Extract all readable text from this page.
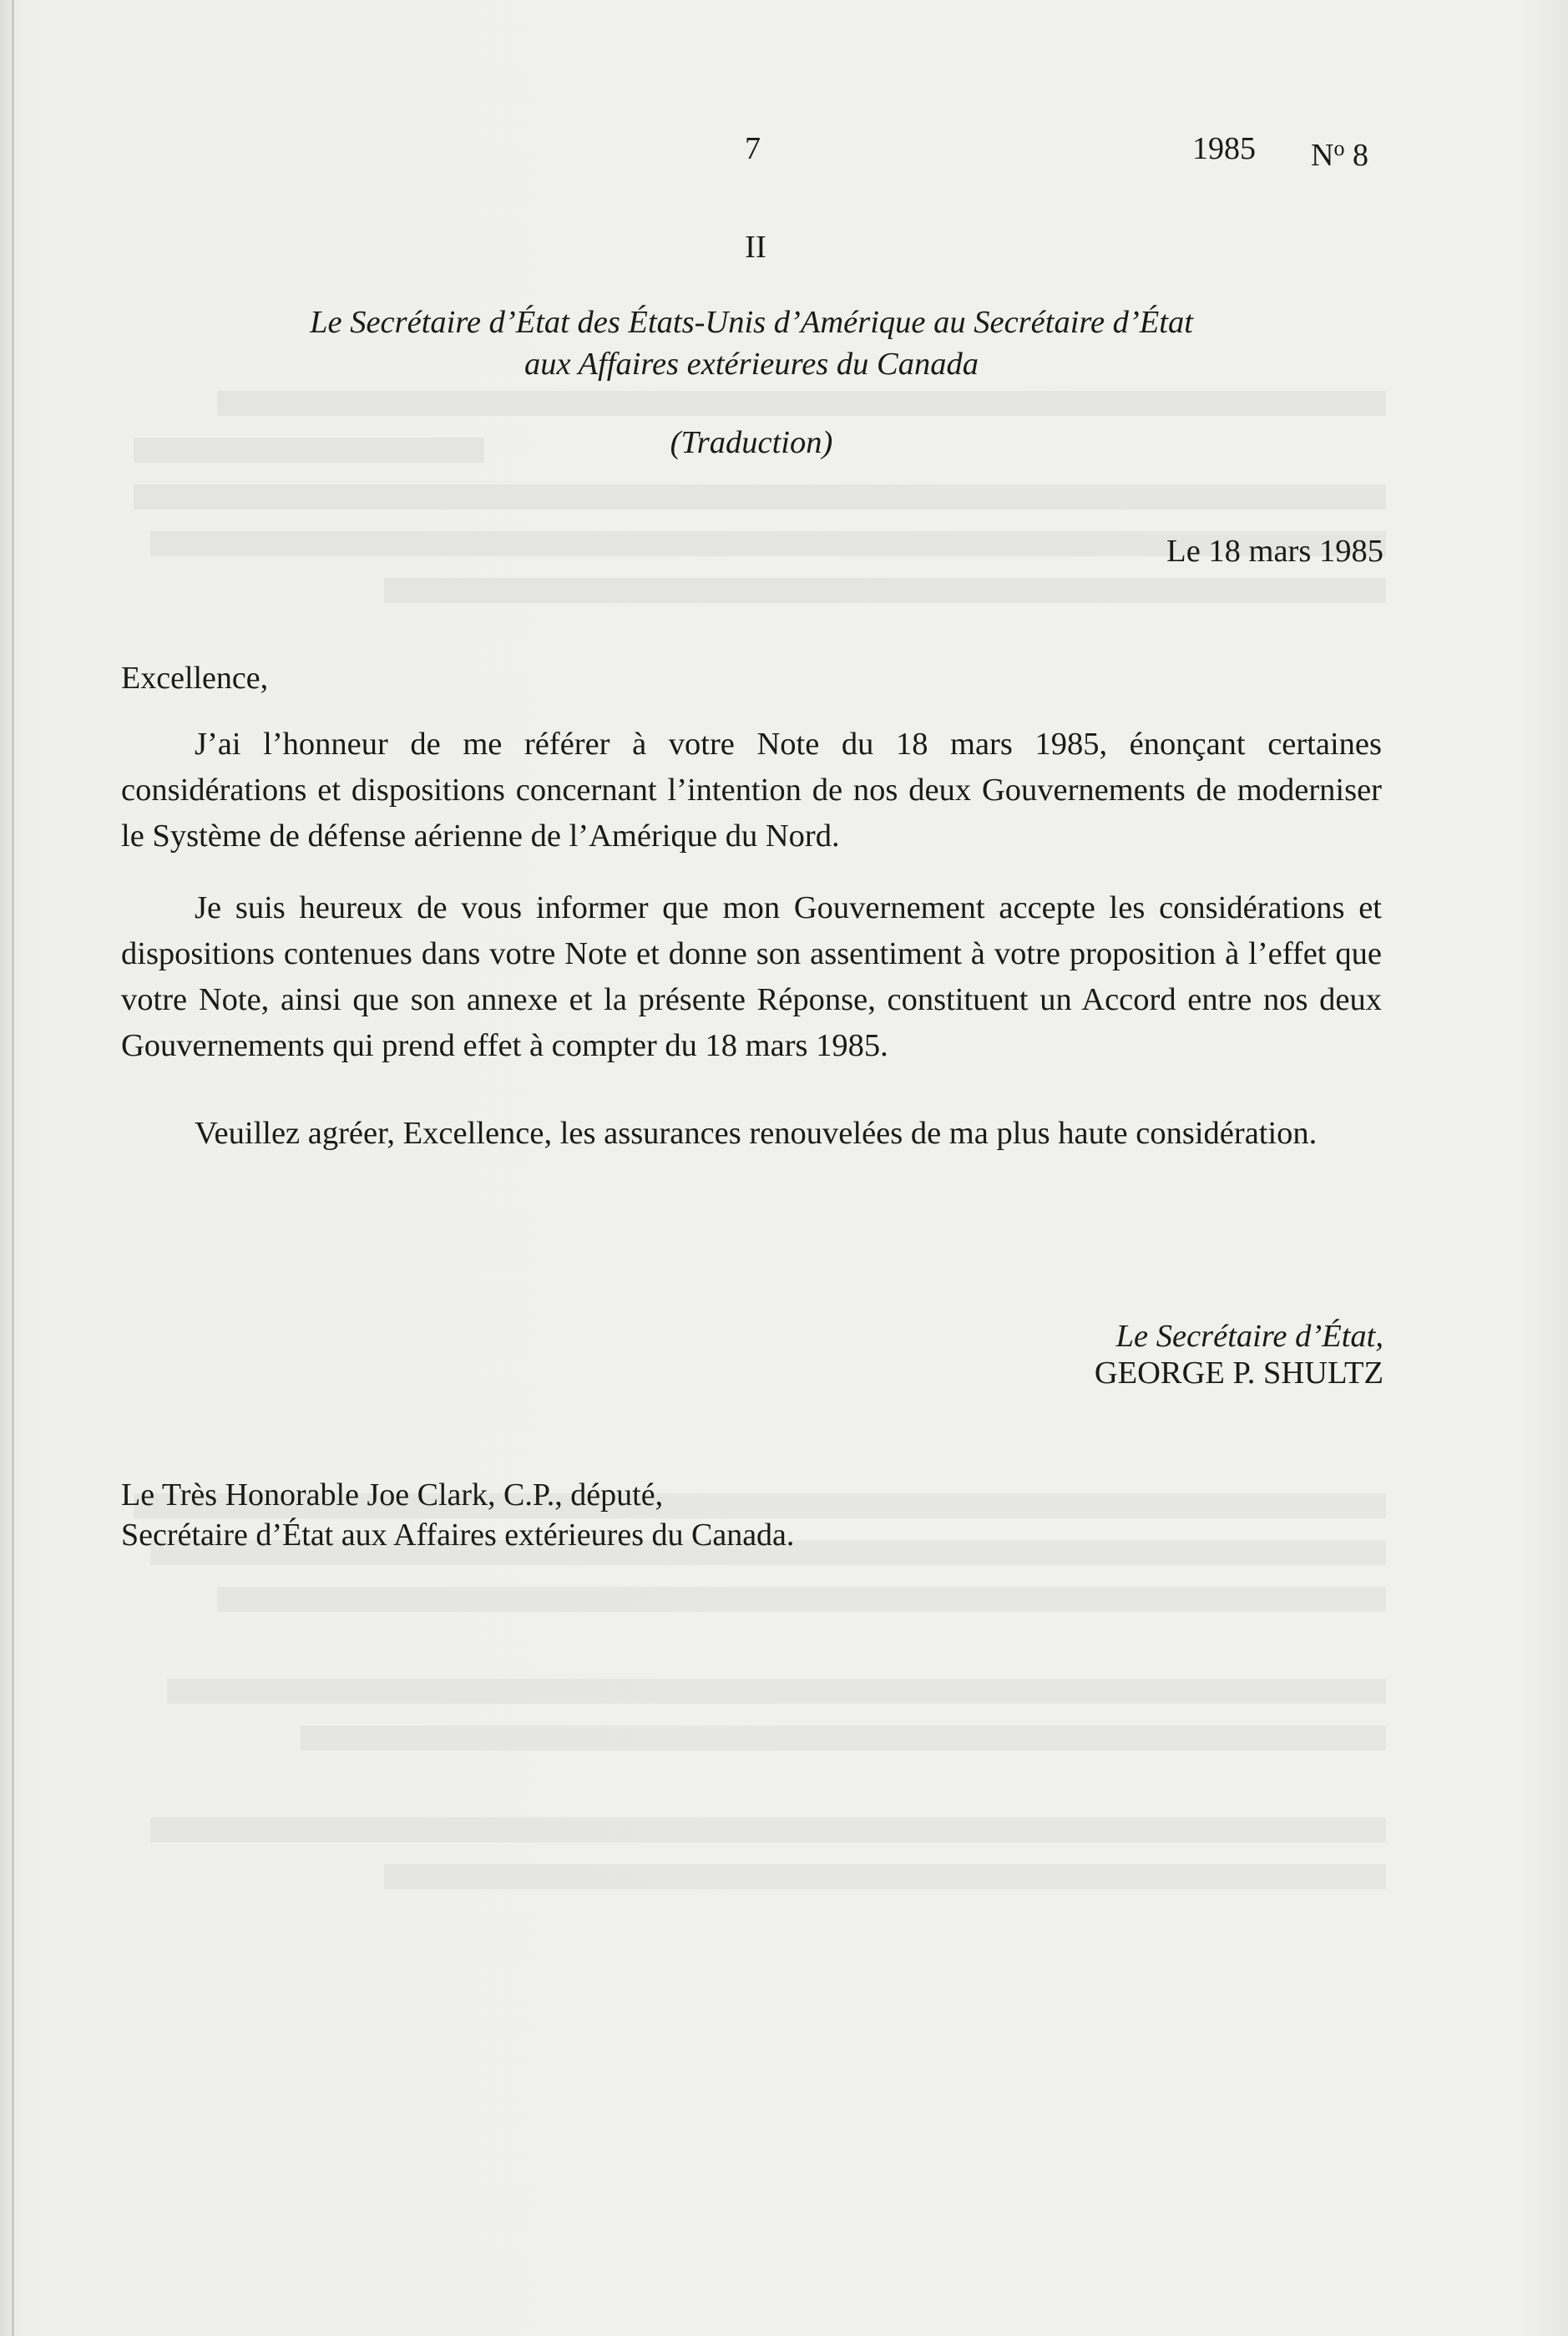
7	1985 $N^o$ 8
II
Le Secrétaire d’État des États-Unis d’Amérique au Secrétaire d’État
aux Affaires extérieures du Canada
(Traduction)
Le 18 mars 1985
Excellence,
J’ai l’honneur de me référer à votre Note du 18 mars 1985, énonçant certaines considérations et dispositions concernant l’intention de nos deux Gouvernements de moderniser le Système de défense aérienne de l’Amérique du Nord.
Je suis heureux de vous informer que mon Gouvernement accepte les considérations et dispositions contenues dans votre Note et donne son assentiment à votre proposition à l’effet que votre Note, ainsi que son annexe et la présente Réponse, constituent un Accord entre nos deux Gouvernements qui prend effet à compter du 18 mars 1985.
Veuillez agréer, Excellence, les assurances renouvelées de ma plus haute considération.
Le Secrétaire d’État,
GEORGE P. SHULTZ
Le Très Honorable Joe Clark, C.P., député,
Secrétaire d’État aux Affaires extérieures du Canada.
